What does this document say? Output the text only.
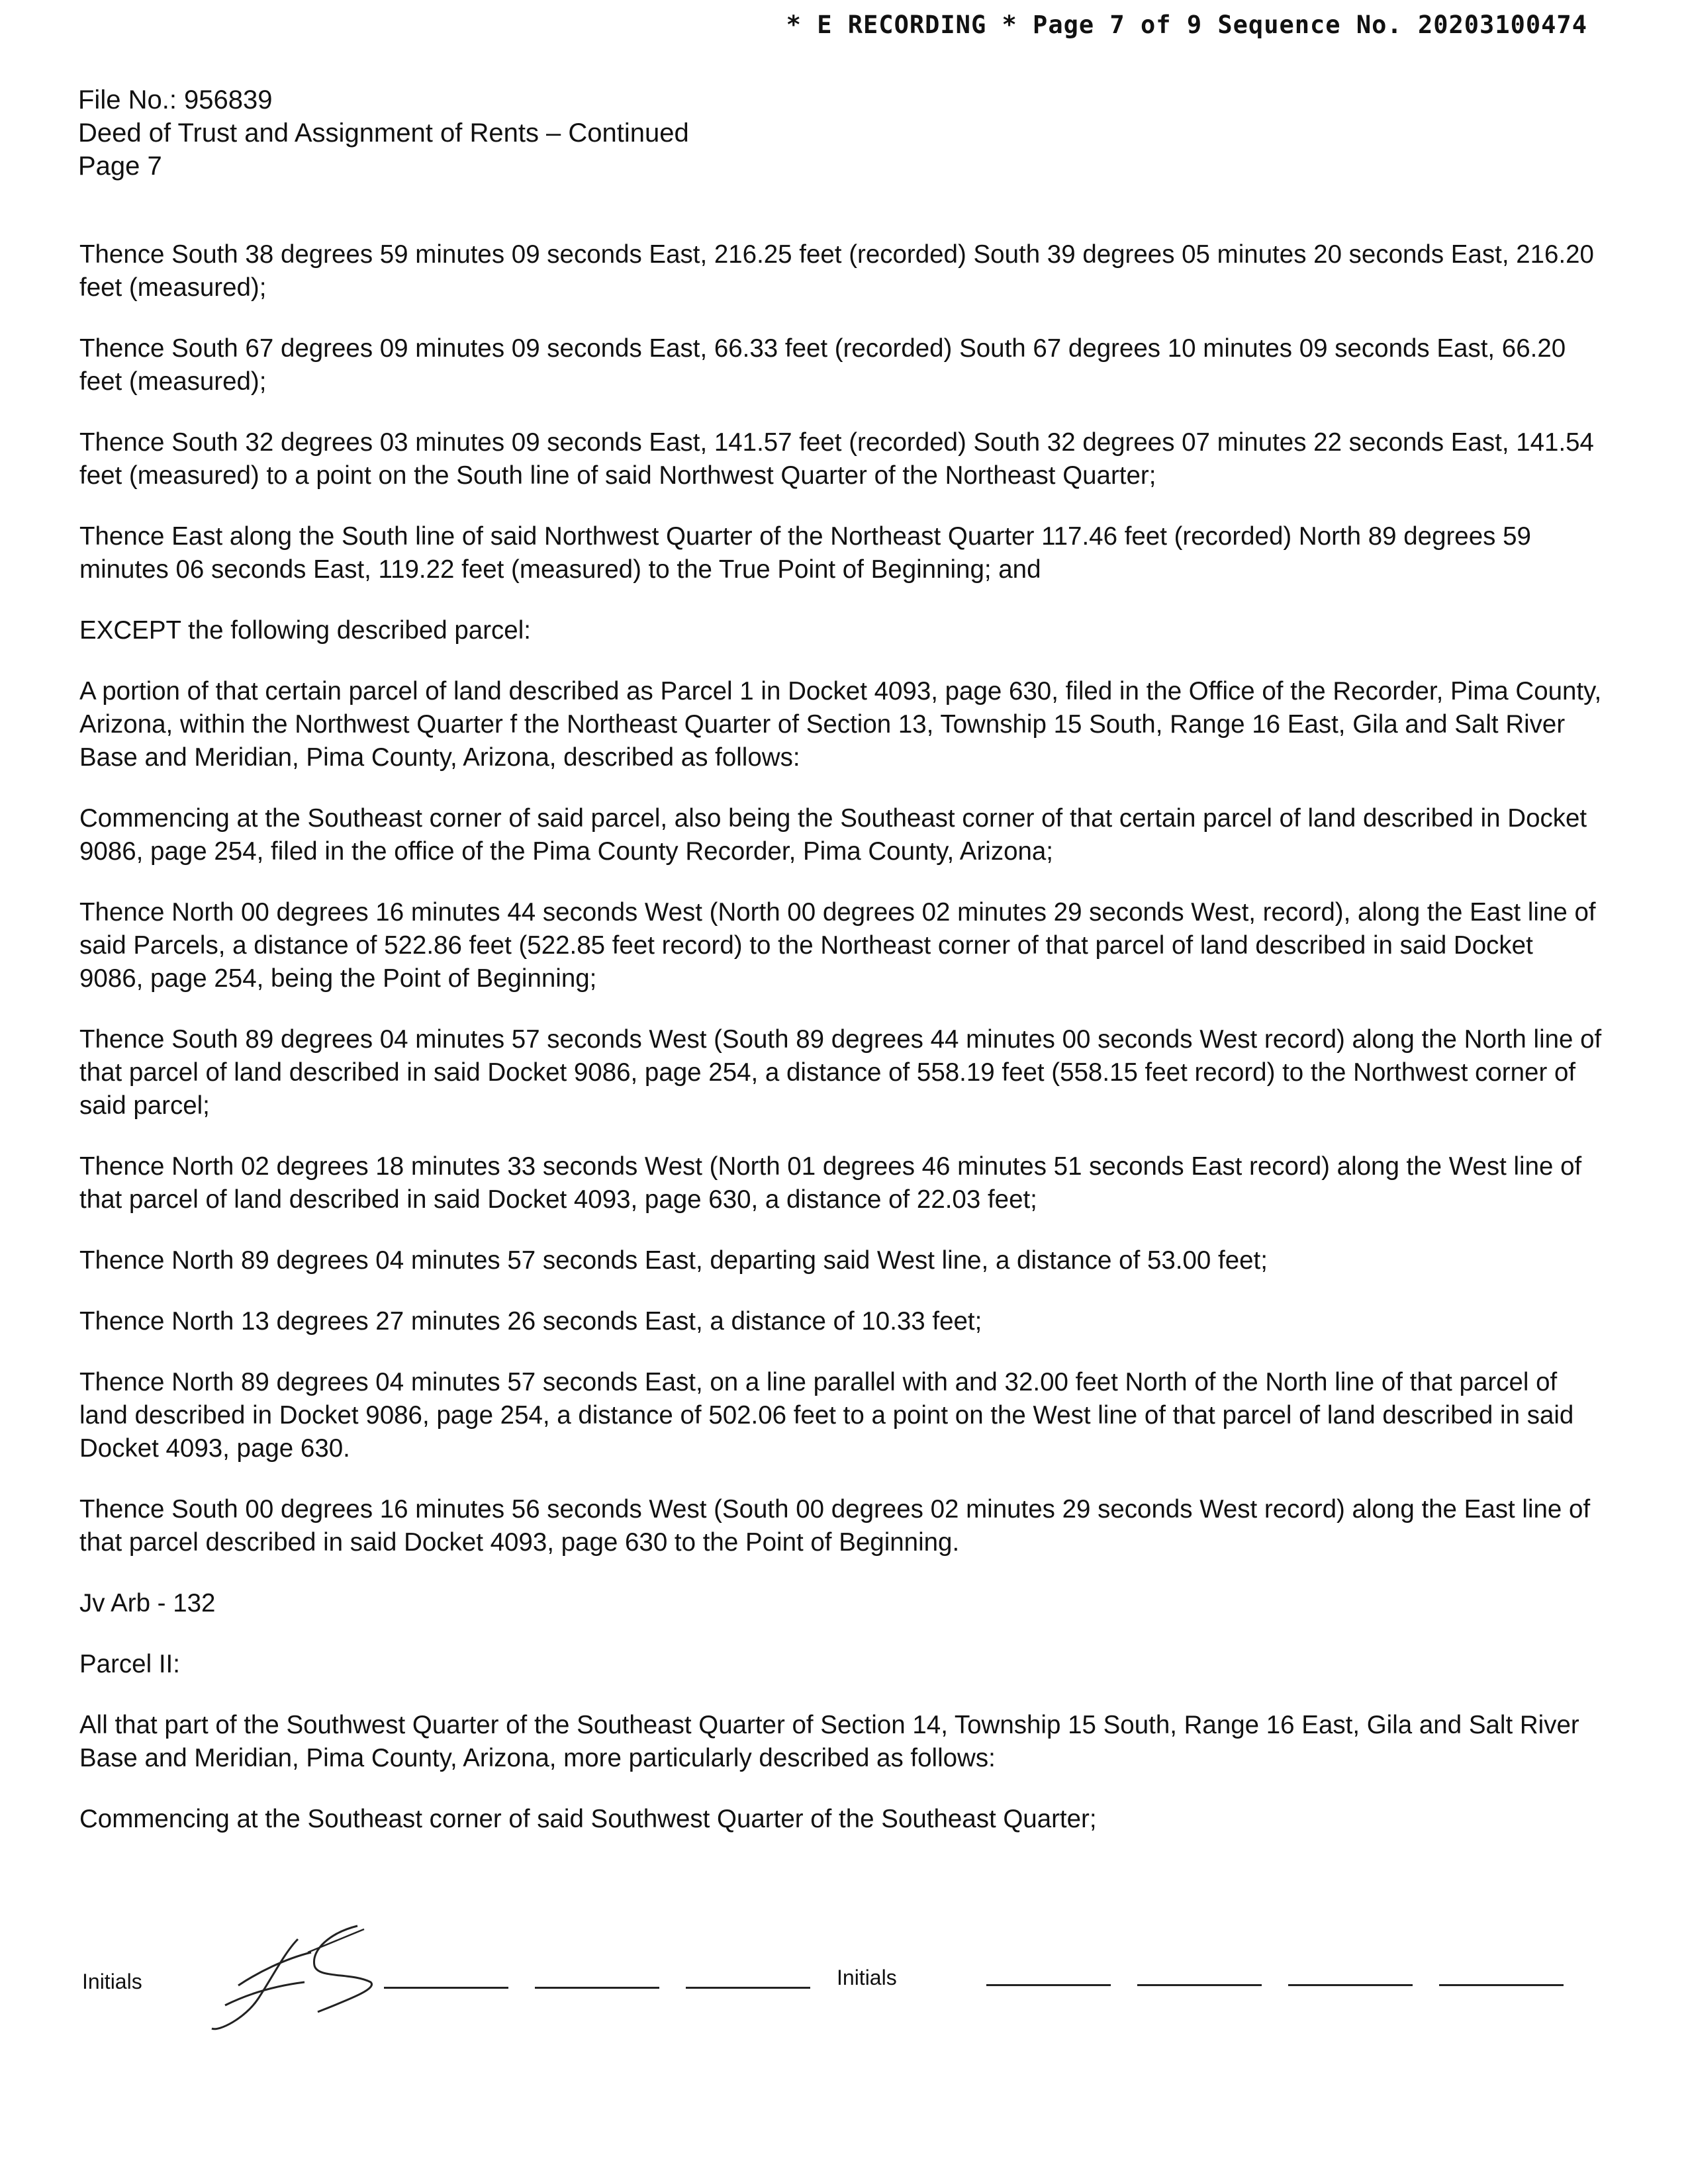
* E RECORDING * Page 7 of 9 Sequence No. 20203100474
File No.: 956839
Deed of Trust and Assignment of Rents – Continued
Page 7

Thence South 38 degrees 59 minutes 09 seconds East, 216.25 feet (recorded) South 39 degrees 05 minutes 20 seconds East, 216.20 feet (measured);

Thence South 67 degrees 09 minutes 09 seconds East, 66.33 feet (recorded) South 67 degrees 10 minutes 09 seconds East, 66.20 feet (measured);

Thence South 32 degrees 03 minutes 09 seconds East, 141.57 feet (recorded) South 32 degrees 07 minutes 22 seconds East, 141.54 feet (measured) to a point on the South line of said Northwest Quarter of the Northeast Quarter;

Thence East along the South line of said Northwest Quarter of the Northeast Quarter 117.46 feet (recorded) North 89 degrees 59 minutes 06 seconds East, 119.22 feet (measured) to the True Point of Beginning; and

EXCEPT the following described parcel:

A portion of that certain parcel of land described as Parcel 1 in Docket 4093, page 630, filed in the Office of the Recorder, Pima County, Arizona, within the Northwest Quarter f the Northeast Quarter of Section 13, Township 15 South, Range 16 East, Gila and Salt River Base and Meridian, Pima County, Arizona, described as follows:

Commencing at the Southeast corner of said parcel, also being the Southeast corner of that certain parcel of land described in Docket 9086, page 254, filed in the office of the Pima County Recorder, Pima County, Arizona;

Thence North 00 degrees 16 minutes 44 seconds West (North 00 degrees 02 minutes 29 seconds West, record), along the East line of said Parcels, a distance of 522.86 feet (522.85 feet record) to the Northeast corner of that parcel of land described in said Docket 9086, page 254, being the Point of Beginning;

Thence South 89 degrees 04 minutes 57 seconds West (South 89 degrees 44 minutes 00 seconds West record) along the North line of that parcel of land described in said Docket 9086, page 254, a distance of 558.19 feet (558.15 feet record) to the Northwest corner of said parcel;

Thence North 02 degrees 18 minutes 33 seconds West (North 01 degrees 46 minutes 51 seconds East record) along the West line of that parcel of land described in said Docket 4093, page 630, a distance of 22.03 feet;

Thence North 89 degrees 04 minutes 57 seconds East, departing said West line, a distance of 53.00 feet;

Thence North 13 degrees 27 minutes 26 seconds East, a distance of 10.33 feet;

Thence North 89 degrees 04 minutes 57 seconds East, on a line parallel with and 32.00 feet North of the North line of that parcel of land described in Docket 9086, page 254, a distance of 502.06 feet to a point on the West line of that parcel of land described in said Docket 4093, page 630.

Thence South 00 degrees 16 minutes 56 seconds West (South 00 degrees 02 minutes 29 seconds West record) along the East line of that parcel described in said Docket 4093, page 630 to the Point of Beginning.

Jv Arb - 132

Parcel II:

All that part of the Southwest Quarter of the Southeast Quarter of Section 14, Township 15 South, Range 16 East, Gila and Salt River Base and Meridian, Pima County, Arizona, more particularly described as follows:

Commencing at the Southeast corner of said Southwest Quarter of the Southeast Quarter;

Initials	Initials
